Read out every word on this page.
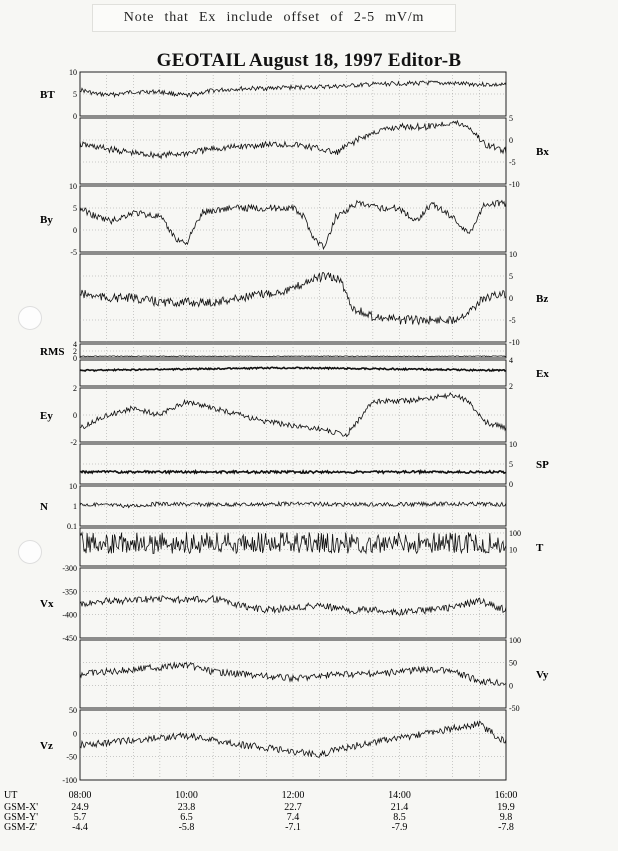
Note that Ex include offset of 2-5 mV/m
GEOTAIL August 18, 1997 Editor-B
10
5
0
BT
5
0
-5
-10
Bx
10
5
0
-5
By
10
5
0
-5
-10
Bz
4
2
0
RMS
4
2
Ex
2
0
-2
Ey
10
5
0
SP
10
1
0.1
N
100
10 T
-300
-350
-400
-450
Vx
100
50
0
-50
Vy
50
0
-50
-100
Vz
UT	08:00	10:00	12:00	14:00	16:00
GSM-X'	24.9	23.8	22.7	21.4	19.9
GSM-Y'	5.7	6.5	7.4	8.5	9.8
GSM-Z'	-4.4	-5.8	-7.1	-7.9	-7.8
